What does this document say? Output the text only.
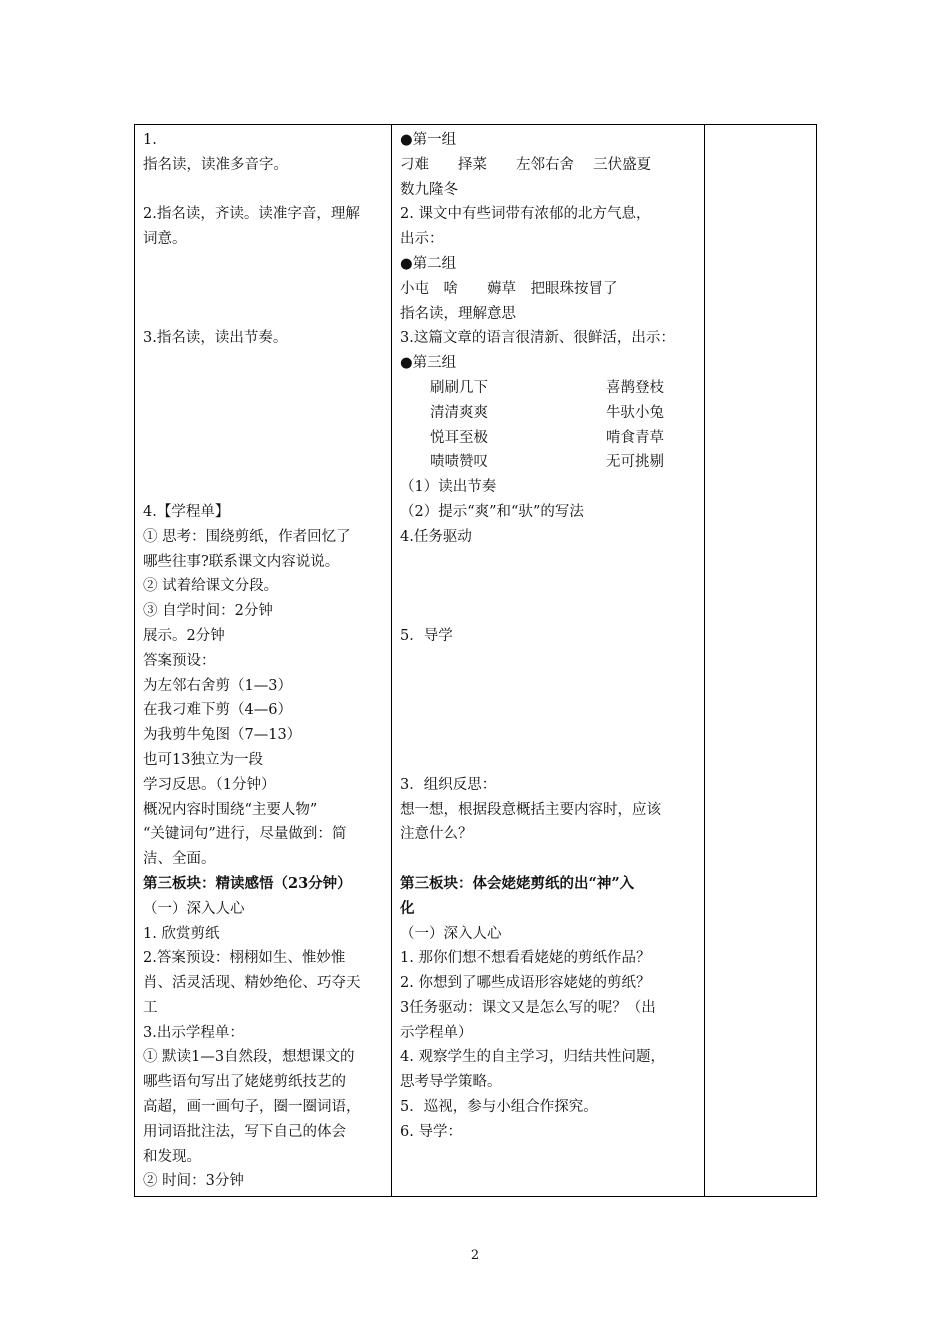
1.
指名读，读准多音字。
2.指名读，齐读。读准字音，理解
词意。
3.指名读，读出节奏。
4.【学程单】
① 思考：围绕剪纸，作者回忆了
哪些往事?联系课文内容说说。
② 试着给课文分段。
③ 自学时间：2分钟
展示。2分钟
答案预设：
为左邻右舍剪（1—3）
在我刁难下剪（4—6）
为我剪牛兔图（7—13）
也可13独立为一段
学习反思。（1分钟）
概况内容时围绕“主要人物”
“关键词句”进行，尽量做到：简
洁、全面。
第三板块：精读感悟（23分钟）
（一）深入人心
1. 欣赏剪纸
2.答案预设：栩栩如生、惟妙惟
肖、活灵活现、精妙绝伦、巧夺天
工
3.出示学程单：
① 默读1—3自然段，想想课文的
哪些语句写出了姥姥剪纸技艺的
高超，画一画句子，圈一圈词语，
用词语批注法，写下自己的体会
和发现。
② 时间：3分钟

●第一组
刁难　　择菜　　左邻右舍　 三伏盛夏
数九隆冬
2. 课文中有些词带有浓郁的北方气息，
出示：
●第二组
小屯　啥　　薅草　把眼珠按冒了
指名读，理解意思
3.这篇文章的语言很清新、很鲜活，出示：
●第三组
刷刷几下	喜鹊登枝
清清爽爽	牛驮小兔
悦耳至极	啃食青草
啧啧赞叹	无可挑剔
（1）读出节奏
（2）提示“爽”和“驮”的写法
4.任务驱动
5．导学
3．组织反思：
想一想，根据段意概括主要内容时，应该
注意什么？
第三板块：体会姥姥剪纸的出“神”入
化
（一）深入人心
1. 那你们想不想看看姥姥的剪纸作品？
2. 你想到了哪些成语形容姥姥的剪纸？
3任务驱动：课文又是怎么写的呢？（出
示学程单）
4. 观察学生的自主学习，归结共性问题，
思考导学策略。
5．巡视，参与小组合作探究。
6. 导学：

2
